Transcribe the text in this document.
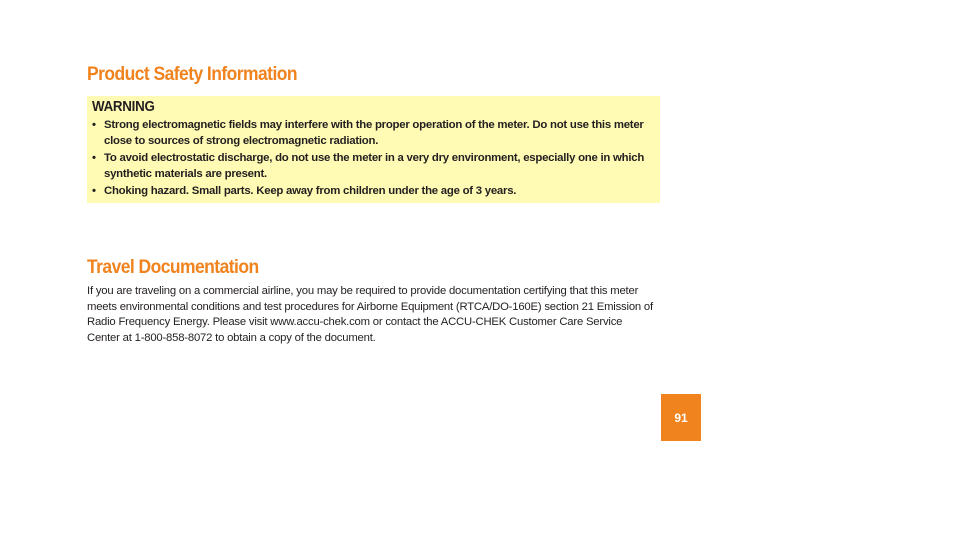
Product Safety Information
WARNING
• Strong electromagnetic fields may interfere with the proper operation of the meter. Do not use this meter close to sources of strong electromagnetic radiation.
• To avoid electrostatic discharge, do not use the meter in a very dry environment, especially one in which synthetic materials are present.
• Choking hazard. Small parts. Keep away from children under the age of 3 years.
Travel Documentation

If you are traveling on a commercial airline, you may be required to provide documentation certifying that this meter meets environmental conditions and test procedures for Airborne Equipment (RTCA/DO-160E) section 21 Emission of Radio Frequency Energy. Please visit www.accu-chek.com or contact the ACCU-CHEK Customer Care Service Center at 1-800-858-8072 to obtain a copy of the document.

91
